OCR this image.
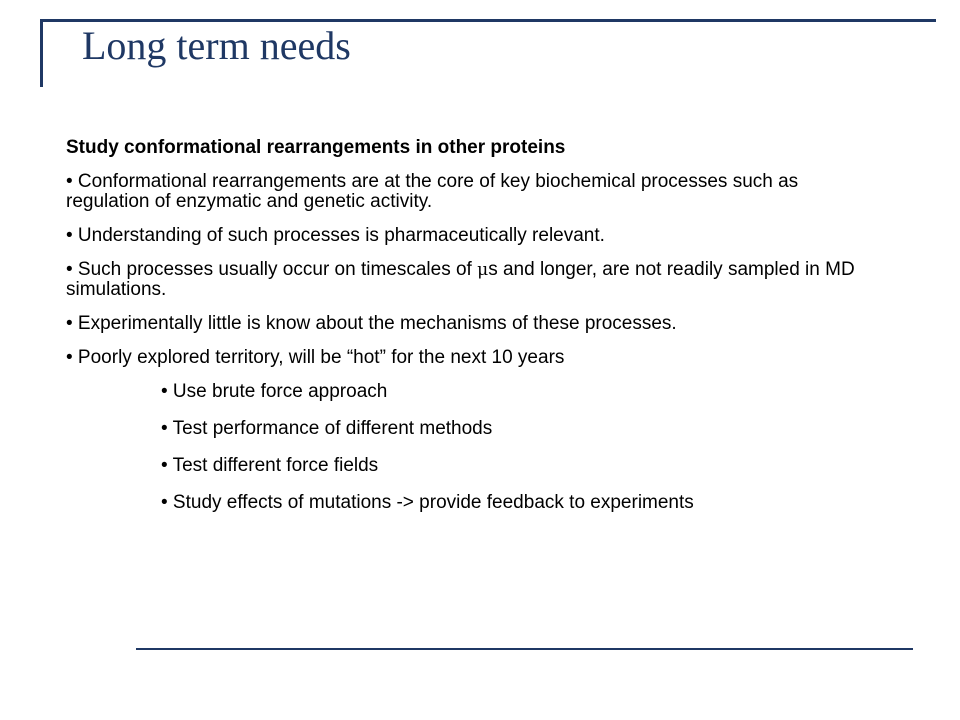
Long term needs

Study conformational rearrangements in other proteins

• Conformational rearrangements are at the core of key biochemical processes such as regulation of enzymatic and genetic activity.

• Understanding of such processes is pharmaceutically relevant.

• Such processes usually occur on timescales of μs and longer, are not readily sampled in MD simulations.

• Experimentally little is know about the mechanisms of these processes.

• Poorly explored territory, will be “hot” for the next 10 years

• Use brute force approach

• Test performance of different methods

• Test different force fields

• Study effects of mutations -> provide feedback to experiments
